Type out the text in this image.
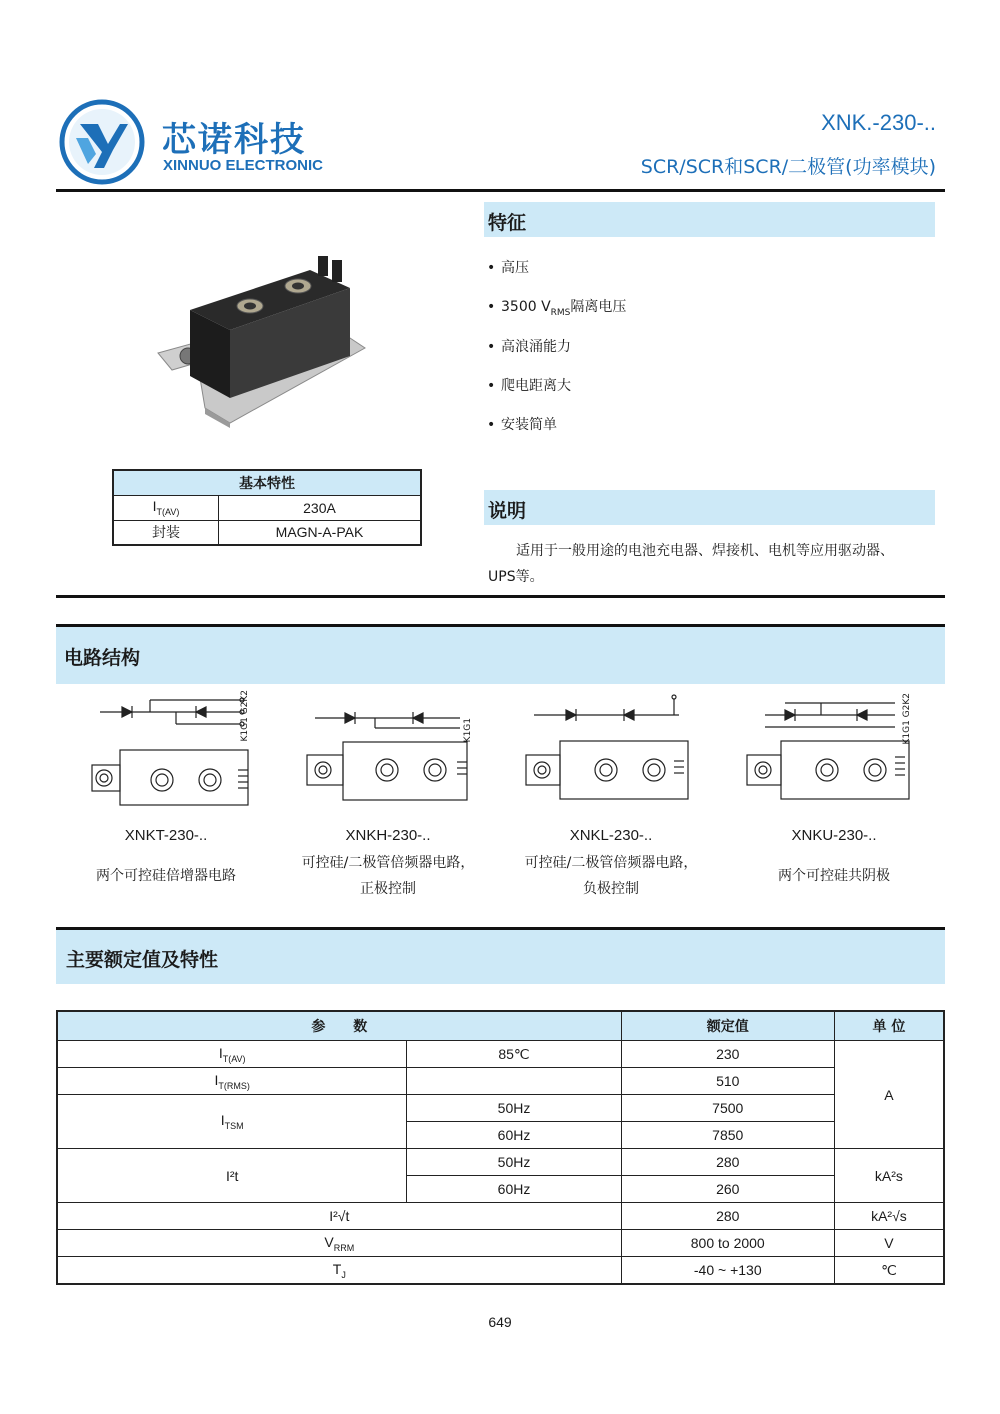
芯诺科技
XINNUO ELECTRONIC
XNK.-230-..
SCR/SCR和SCR/二极管(功率模块)
基本特性	
$I_{T(AV)}$	230A
封装	MAGN-A-PAK
特征
• 高压
• 3500 $V_{RMS}$隔离电压
• 高浪涌能力
• 爬电距离大
• 安装简单
说明
适用于一般用途的电池充电器、焊接机、电机等应用驱动器、
UPS等。
电路结构
K1G1 G2K2	K1G1	K1G1 G2K2
XNKT-230-..
两个可控硅倍增器电路
XNKH-230-..
可控硅/二极管倍频器电路，
正极控制
XNKL-230-..
可控硅/二极管倍频器电路，
负极控制
XNKU-230-..
两个可控硅共阴极
主要额定值及特性
参　　数		额定值	单 位
$I_{T(AV)}$	85℃	230	A
$I_{T(RMS)}$		510	
$I_{TSM}$	50Hz	7500	
	60Hz	7850	
I²t	50Hz	280	kA²s
	60Hz	260	
I²√t		280	kA²√s
$V_{RRM}$		800 to 2000	V
$T_J$		-40 ~ +130	℃
649
